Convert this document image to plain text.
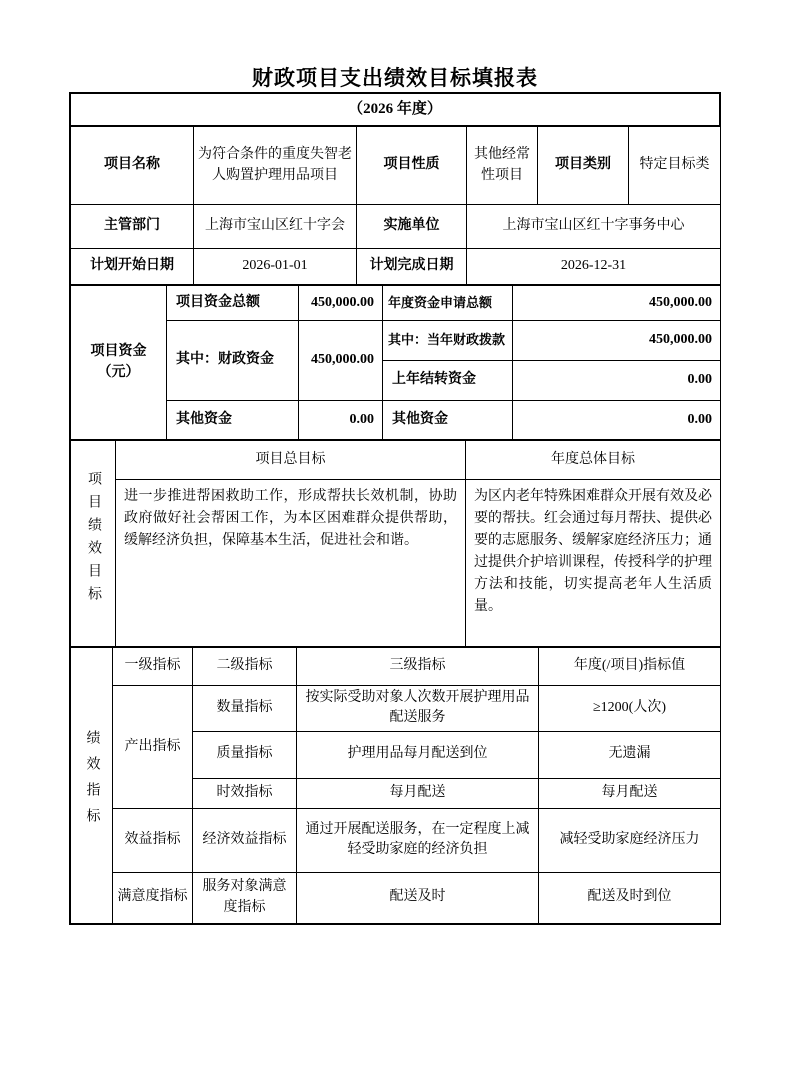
财政项目支出绩效目标填报表
（2026 年度）
项目名称	为符合条件的重度失智老人购置护理用品项目	项目性质	其他经常性项目	项目类别	特定目标类
主管部门	上海市宝山区红十字会	实施单位	上海市宝山区红十字事务中心		
计划开始日期	2026-01-01	计划完成日期	2026-12-31		
项目资金（元）	项目资金总额	450,000.00	年度资金申请总额	450,000.00
	其中：财政资金	450,000.00	其中：当年财政拨款	450,000.00
			上年结转资金	0.00
	其他资金	0.00	其他资金	0.00
项目绩效目标	项目总目标	年度总体目标
	进一步推进帮困救助工作，形成帮扶长效机制，协助政府做好社会帮困工作，为本区困难群众提供帮助，缓解经济负担，保障基本生活，促进社会和谐。	为区内老年特殊困难群众开展有效及必要的帮扶。红会通过每月帮扶、提供必要的志愿服务、缓解家庭经济压力；通过提供介护培训课程，传授科学的护理方法和技能，切实提高老年人生活质量。
绩效指标	一级指标	二级指标	三级指标	年度(/项目)指标值
	产出指标	数量指标	按实际受助对象人次数开展护理用品配送服务	≥1200(人次)
		质量指标	护理用品每月配送到位	无遗漏
		时效指标	每月配送	每月配送
	效益指标	经济效益指标	通过开展配送服务，在一定程度上减轻受助家庭的经济负担	减轻受助家庭经济压力
	满意度指标	服务对象满意度指标	配送及时	配送及时到位
